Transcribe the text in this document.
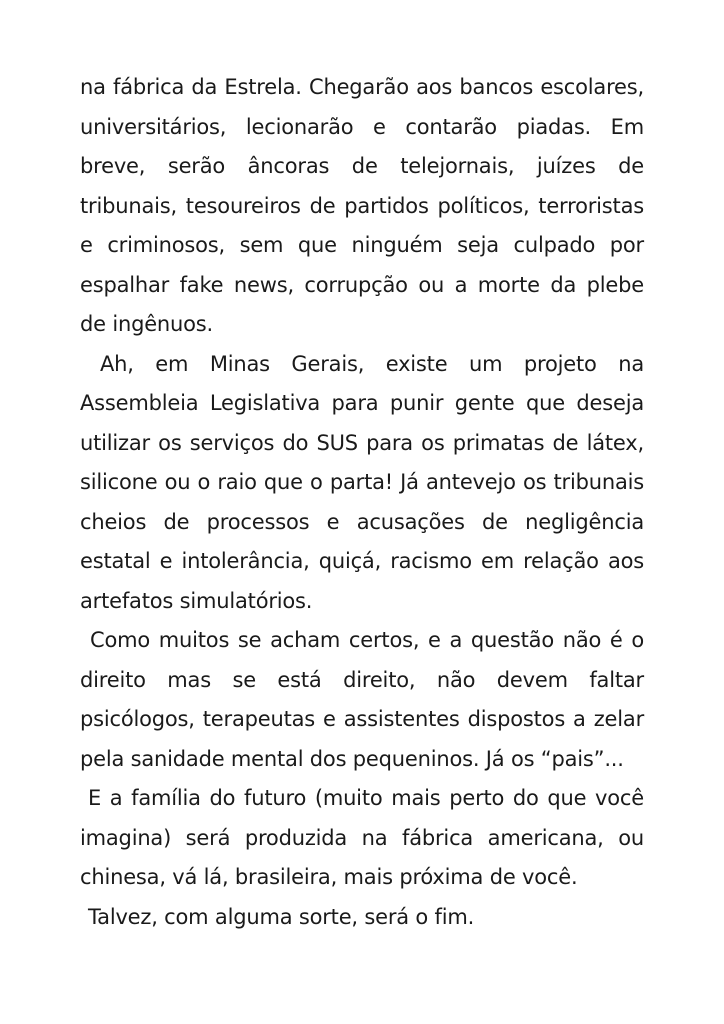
na fábrica da Estrela. Chegarão aos bancos escolares, universitários, lecionarão e contarão piadas. Em breve, serão âncoras de telejornais, juízes de tribunais, tesoureiros de partidos políticos, terroristas e criminosos, sem que ninguém seja culpado por espalhar fake news, corrupção ou a morte da plebe de ingênuos.

Ah, em Minas Gerais, existe um projeto na Assembleia Legislativa para punir gente que deseja utilizar os serviços do SUS para os primatas de látex, silicone ou o raio que o parta! Já antevejo os tribunais cheios de processos e acusações de negligência estatal e intolerância, quiçá, racismo em relação aos artefatos simulatórios.

Como muitos se acham certos, e a questão não é o direito mas se está direito, não devem faltar psicólogos, terapeutas e assistentes dispostos a zelar pela sanidade mental dos pequeninos. Já os “pais”...

E a família do futuro (muito mais perto do que você imagina) será produzida na fábrica americana, ou chinesa, vá lá, brasileira, mais próxima de você.

Talvez, com alguma sorte, será o fim.
